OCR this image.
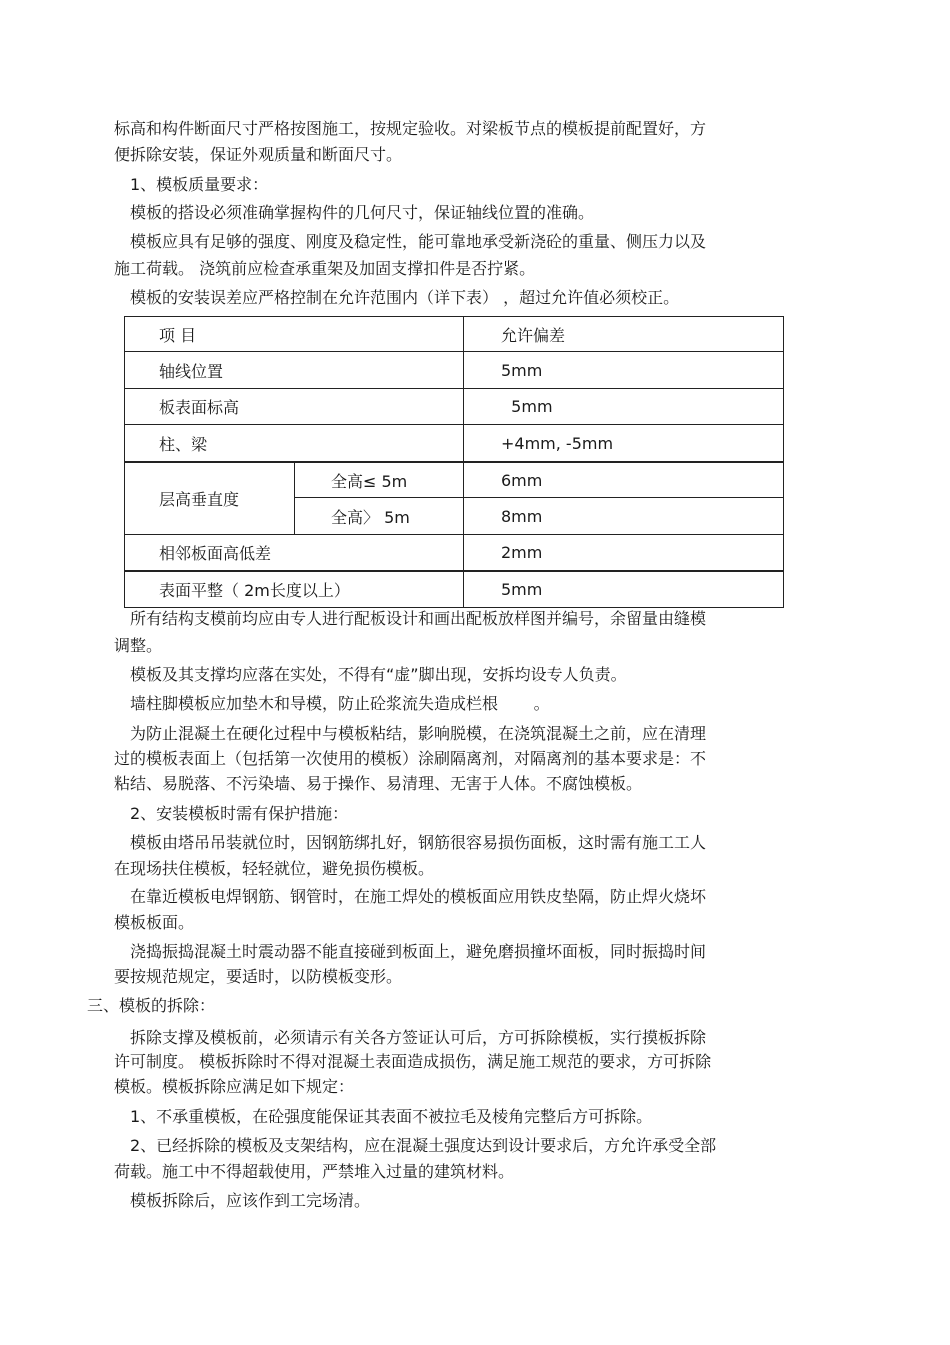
标高和构件断面尺寸严格按图施工，按规定验收。对梁板节点的模板提前配置好，方
便拆除安装，保证外观质量和断面尺寸。
1、模板质量要求：
模板的搭设必须准确掌握构件的几何尺寸，保证轴线位置的准确。
模板应具有足够的强度、刚度及稳定性，能可靠地承受新浇砼的重量、侧压力以及
施工荷载。 浇筑前应检查承重架及加固支撑扣件是否拧紧。
模板的安装误差应严格控制在允许范围内（详下表） ，超过允许值必须校正。
项 目		允许偏差
轴线位置		5mm
板表面标高		5mm
柱、梁		+4mm, -5mm
层高垂直度	全高≤ 5m	6mm
	全高〉 5m	8mm
相邻板面高低差		2mm
表面平整（ 2m长度以上）		5mm
所有结构支模前均应由专人进行配板设计和画出配板放样图并编号，余留量由缝模
调整。
模板及其支撑均应落在实处，不得有“虚”脚出现，安拆均设专人负责。
墙柱脚模板应加垫木和导模，防止砼浆流失造成栏根       。
为防止混凝土在硬化过程中与模板粘结，影响脱模，在浇筑混凝土之前，应在清理
过的模板表面上（包括第一次使用的模板）涂刷隔离剂，对隔离剂的基本要求是：不
粘结、易脱落、不污染墙、易于操作、易清理、无害于人体。不腐蚀模板。
2、安装模板时需有保护措施：
模板由塔吊吊装就位时，因钢筋绑扎好，钢筋很容易损伤面板，这时需有施工工人
在现场扶住模板，轻轻就位，避免损伤模板。
在靠近模板电焊钢筋、钢管时，在施工焊处的模板面应用铁皮垫隔，防止焊火烧坏
模板板面。
浇捣振捣混凝土时震动器不能直接碰到板面上，避免磨损撞坏面板，同时振捣时间
要按规范规定，要适时，以防模板变形。
三、模板的拆除：
拆除支撑及模板前，必须请示有关各方签证认可后，方可拆除模板，实行摸板拆除
许可制度。 模板拆除时不得对混凝土表面造成损伤，满足施工规范的要求，方可拆除
模板。模板拆除应满足如下规定：
1、不承重模板，在砼强度能保证其表面不被拉毛及棱角完整后方可拆除。
2、已经拆除的模板及支架结构，应在混凝土强度达到设计要求后，方允许承受全部
荷载。施工中不得超载使用，严禁堆入过量的建筑材料。
模板拆除后，应该作到工完场清。
